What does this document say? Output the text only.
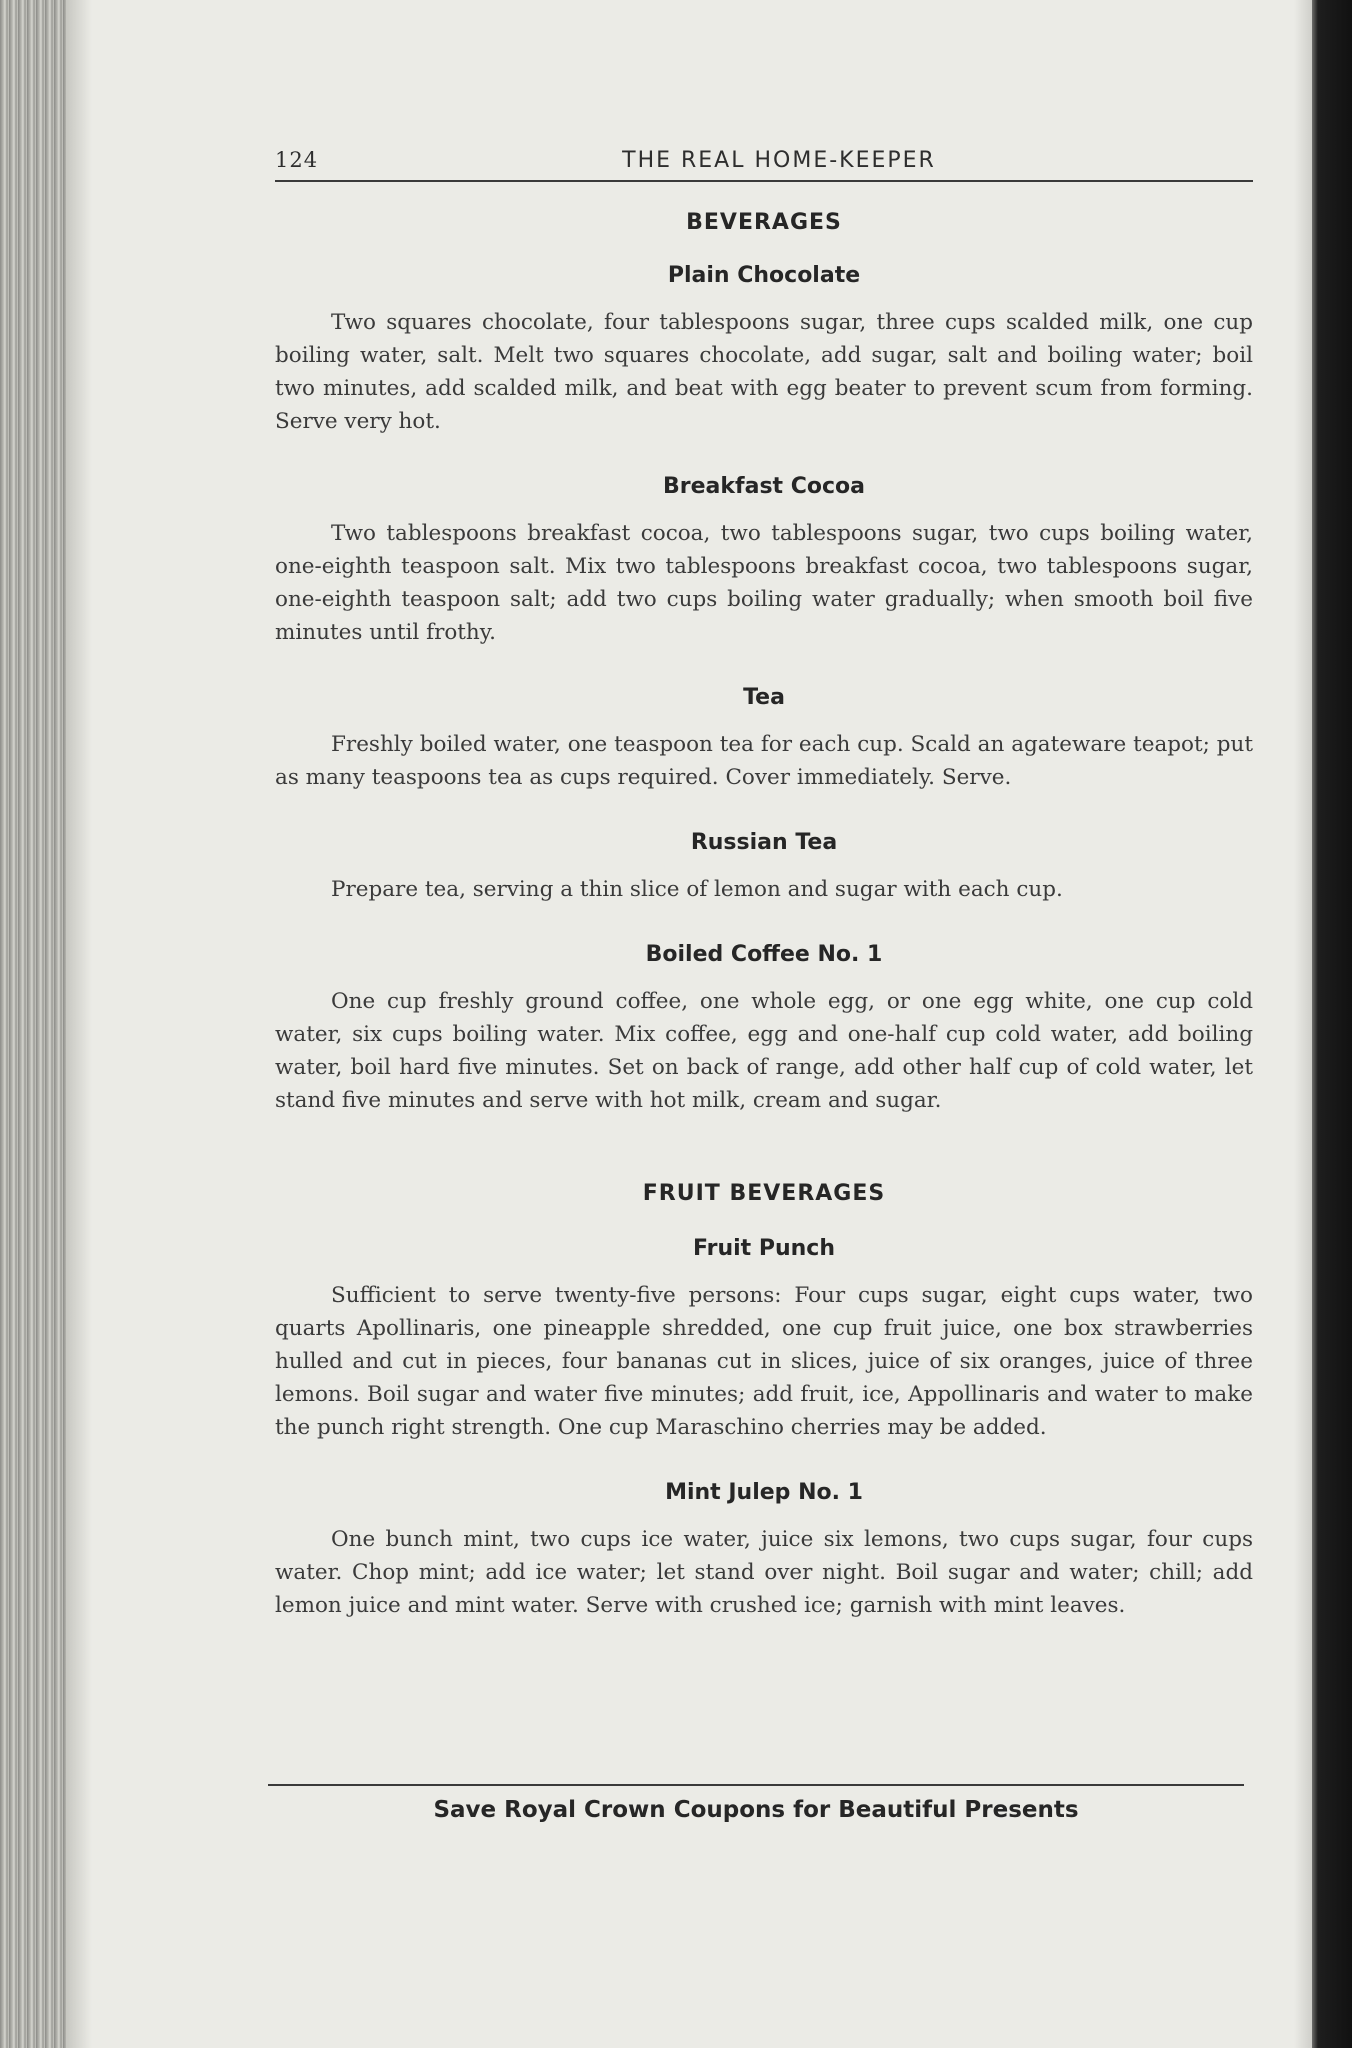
124	THE REAL HOME-KEEPER
BEVERAGES
Plain Chocolate

Two squares chocolate, four tablespoons sugar, three cups scalded milk, one cup boiling water, salt. Melt two squares chocolate, add sugar, salt and boiling water; boil two minutes, add scalded milk, and beat with egg beater to prevent scum from forming. Serve very hot.

Breakfast Cocoa

Two tablespoons breakfast cocoa, two tablespoons sugar, two cups boiling water, one-eighth teaspoon salt. Mix two tablespoons breakfast cocoa, two tablespoons sugar, one-eighth teaspoon salt; add two cups boiling water gradually; when smooth boil five minutes until frothy.

Tea

Freshly boiled water, one teaspoon tea for each cup. Scald an agateware teapot; put as many teaspoons tea as cups required. Cover immediately. Serve.

Russian Tea

Prepare tea, serving a thin slice of lemon and sugar with each cup.

Boiled Coffee No. 1

One cup freshly ground coffee, one whole egg, or one egg white, one cup cold water, six cups boiling water. Mix coffee, egg and one-half cup cold water, add boiling water, boil hard five minutes. Set on back of range, add other half cup of cold water, let stand five minutes and serve with hot milk, cream and sugar.

FRUIT BEVERAGES
Fruit Punch

Sufficient to serve twenty-five persons: Four cups sugar, eight cups water, two quarts Apollinaris, one pineapple shredded, one cup fruit juice, one box strawberries hulled and cut in pieces, four bananas cut in slices, juice of six oranges, juice of three lemons. Boil sugar and water five minutes; add fruit, ice, Appollinaris and water to make the punch right strength. One cup Maraschino cherries may be added.

Mint Julep No. 1

One bunch mint, two cups ice water, juice six lemons, two cups sugar, four cups water. Chop mint; add ice water; let stand over night. Boil sugar and water; chill; add lemon juice and mint water. Serve with crushed ice; garnish with mint leaves.

Save Royal Crown Coupons for Beautiful Presents
